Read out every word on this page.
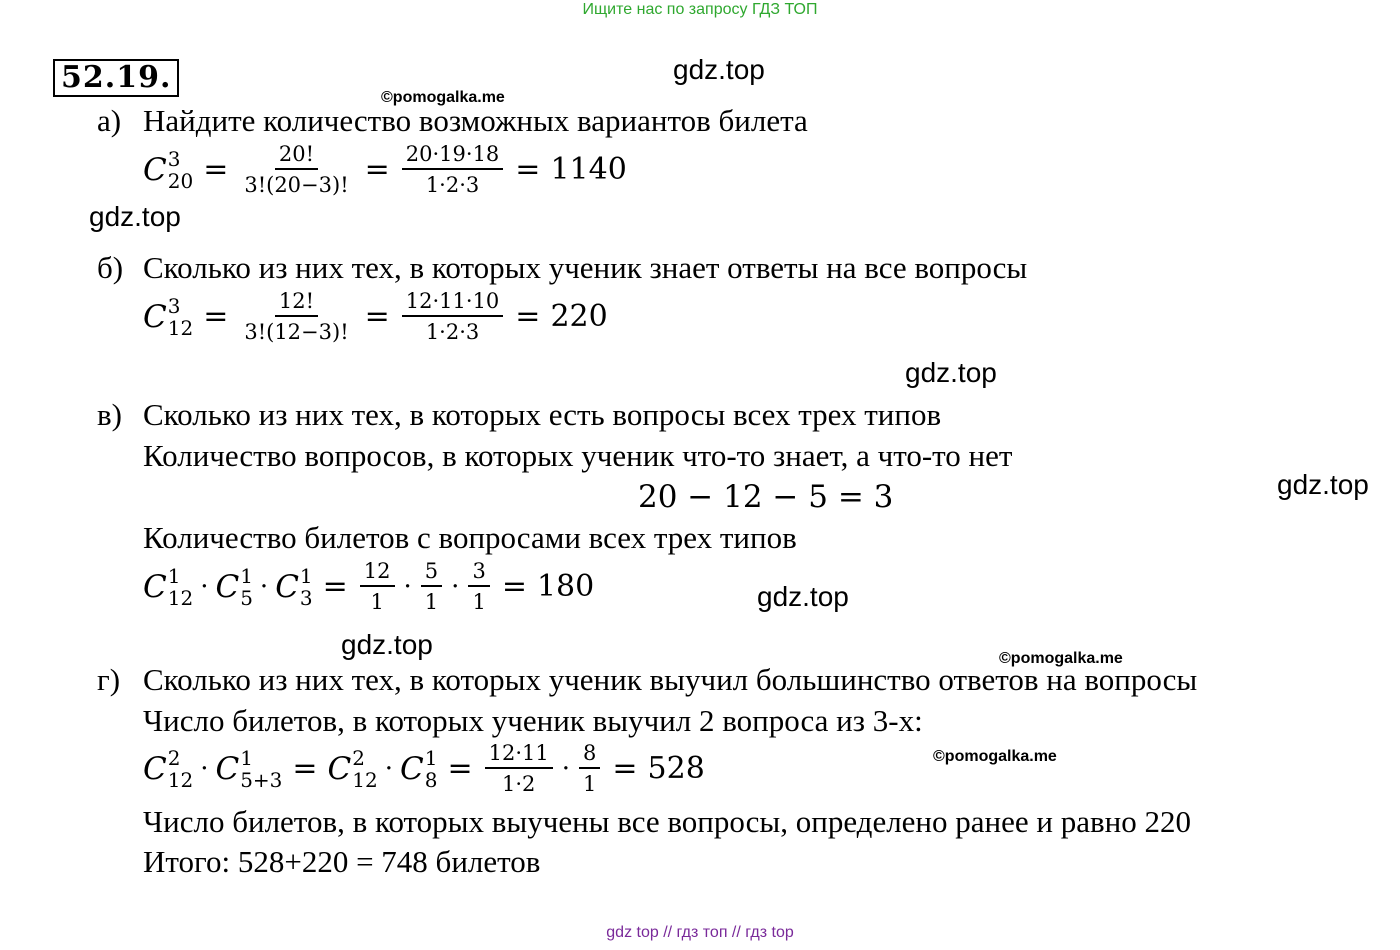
Ищите нас по запросу ГДЗ ТОП
gdz top // гдз топ // гдз top
52.19.	gdz.top
©pomogalka.me
gdz.top
gdz.top
gdz.top
gdz.top
gdz.top	©pomogalka.me
©pomogalka.me
а) Найдите количество возможных вариантов билета
C 3
$20 = \frac{20!}{3!(20-3)!} = \frac{20\cdot 19\cdot 18}{1\cdot 2\cdot 3} = 1140$
б) Сколько из них тех, в которых ученик знает ответы на все вопросы
C 3
$12 = \frac{12!}{3!(12-3)!} = \frac{12\cdot 11\cdot 10}{1\cdot 2\cdot 3} = 220$
в) Сколько из них тех, в которых есть вопросы всех трех типов
Количество вопросов, в которых ученик что-то знает, а что-то нет
20 − 12 − 5 = 3
Количество билетов с вопросами всех трех типов
C 1
12 · C 1
5 · C 1
$3 = \frac{12}{1} \cdot \frac{5}{1} \cdot \frac{3}{1} = 180$
г) Сколько из них тех, в которых ученик выучил большинство ответов на вопросы
Число билетов, в которых ученик выучил 2 вопроса из 3-х:
C 2
12 · C 1
5+3 = C 2
12 · C 1
$8 = \frac{12\cdot 11}{1\cdot 2} \cdot \frac{8}{1} = 528$
Число билетов, в которых выучены все вопросы, определено ранее и равно 220
Итого: 528+220 = 748 билетов
